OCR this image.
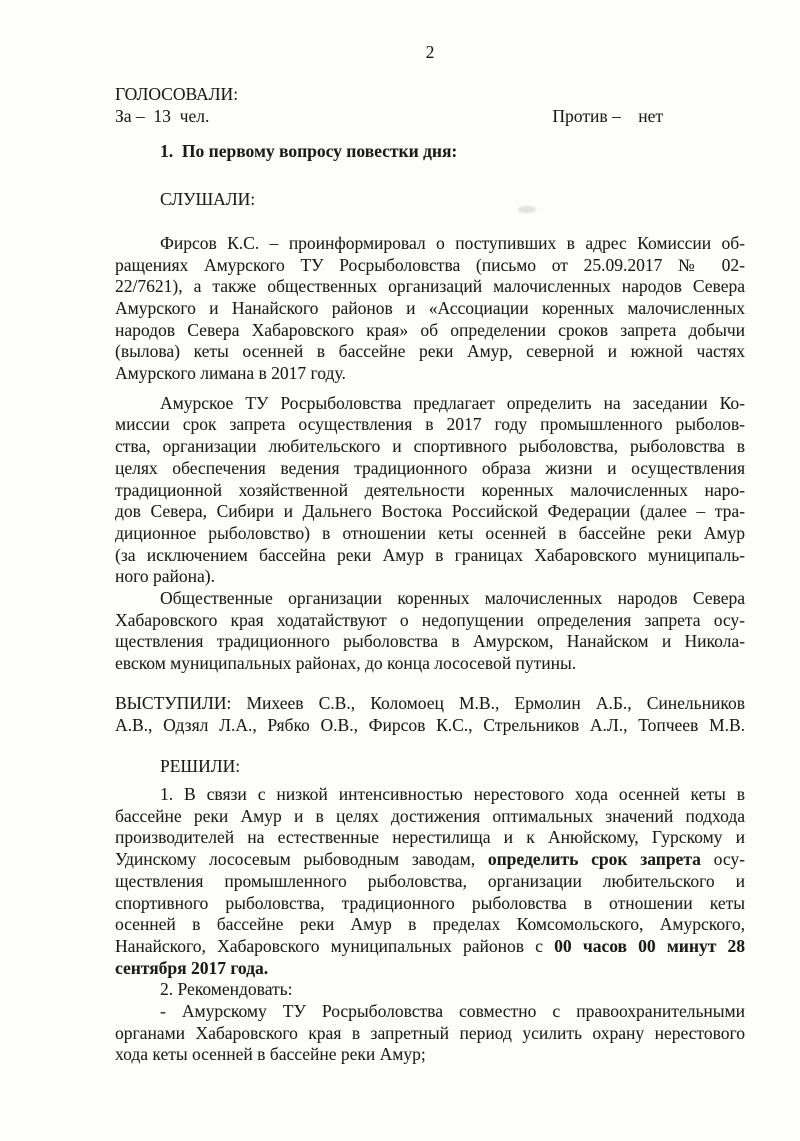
2
ГОЛОСОВАЛИ:
За –  13  чел.	Против –    нет
1.  По первому вопросу повестки дня:
СЛУШАЛИ:
Фирсов К.С. – проинформировал о поступивших в адрес Комиссии об-
ращениях Амурского ТУ Росрыболовства (письмо от 25.09.2017 № 02-
22/7621), а также общественных организаций малочисленных народов Севера
Амурского и Нанайского районов и «Ассоциации коренных малочисленных
народов Севера Хабаровского края» об определении сроков запрета добычи
(вылова) кеты осенней в бассейне реки Амур, северной и южной частях
Амурского лимана в 2017 году.
Амурское ТУ Росрыболовства предлагает определить на заседании Ко-
миссии срок запрета осуществления в 2017 году промышленного рыболов-
ства, организации любительского и спортивного рыболовства, рыболовства в
целях обеспечения ведения традиционного образа жизни и осуществления
традиционной хозяйственной деятельности коренных малочисленных наро-
дов Севера, Сибири и Дальнего Востока Российской Федерации (далее – тра-
диционное рыболовство) в отношении кеты осенней в бассейне реки Амур
(за исключением бассейна реки Амур в границах Хабаровского муниципаль-
ного района).
Общественные организации коренных малочисленных народов Севера
Хабаровского края ходатайствуют о недопущении определения запрета осу-
ществления традиционного рыболовства в Амурском, Нанайском и Никола-
евском муниципальных районах, до конца лососевой путины.
ВЫСТУПИЛИ: Михеев С.В., Коломоец М.В., Ермолин А.Б., Синельников
А.В., Одзял Л.А., Рябко О.В., Фирсов К.С., Стрельников А.Л., Топчеев М.В.
РЕШИЛИ:
1. В связи с низкой интенсивностью нерестового хода осенней кеты в
бассейне реки Амур и в целях достижения оптимальных значений подхода
производителей на естественные нерестилища и к Анюйскому, Гурскому и
Удинскому лососевым рыбоводным заводам, определить срок запрета осу-
ществления промышленного рыболовства, организации любительского и
спортивного рыболовства, традиционного рыболовства в отношении кеты
осенней в бассейне реки Амур в пределах Комсомольского, Амурского,
Нанайского, Хабаровского муниципальных районов с 00 часов 00 минут 28
сентября 2017 года.
2. Рекомендовать:
- Амурскому ТУ Росрыболовства совместно с правоохранительными
органами Хабаровского края в запретный период усилить охрану нерестового
хода кеты осенней в бассейне реки Амур;
